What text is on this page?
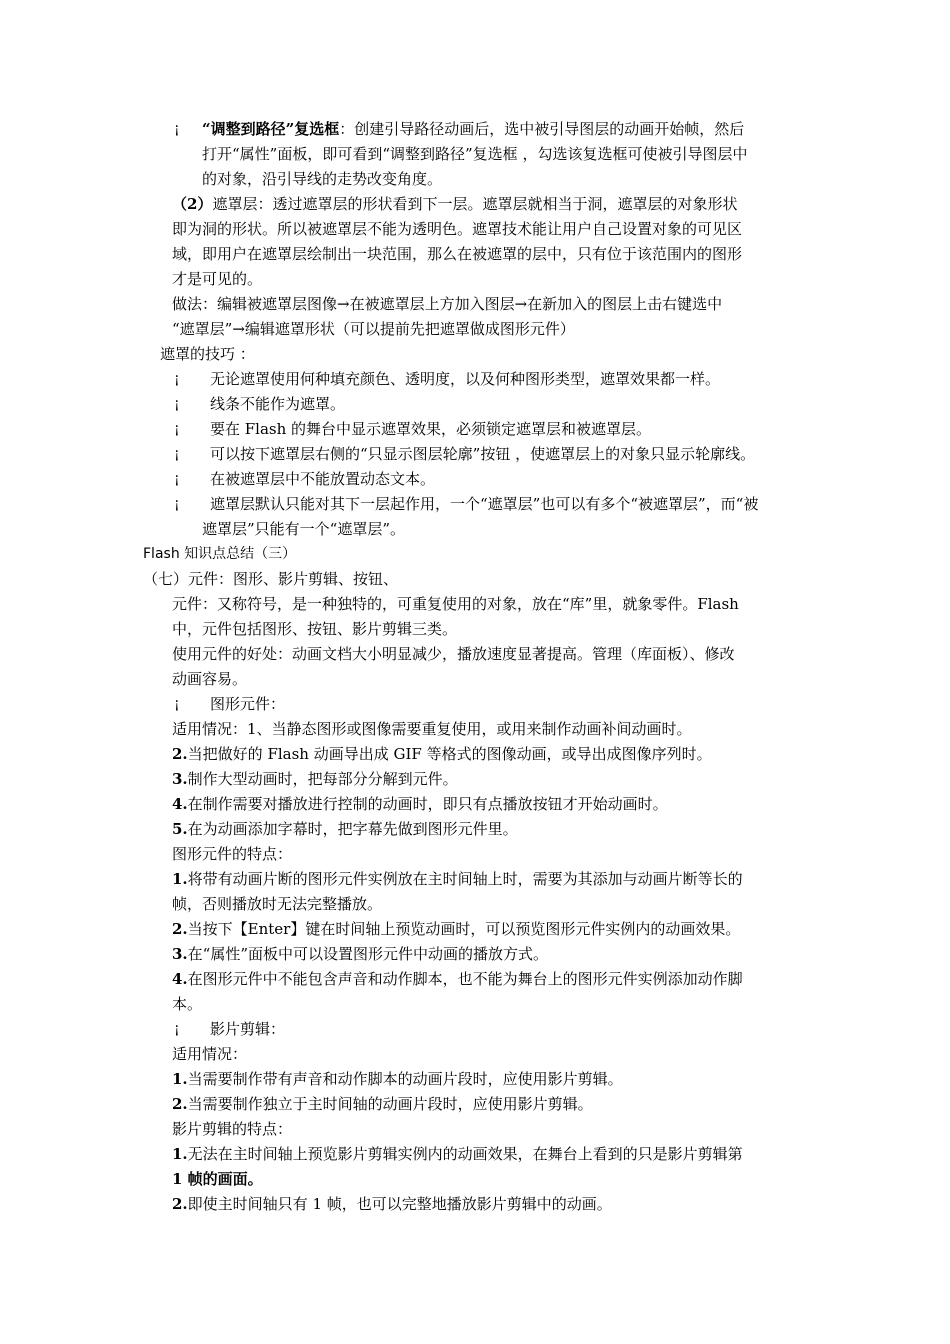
¡ “调整到路径”复选框：创建引导路径动画后，选中被引导图层的动画开始帧，然后
打开“属性”面板，即可看到“调整到路径”复选框 ，勾选该复选框可使被引导图层中
的对象，沿引导线的走势改变角度。
（2）遮罩层：透过遮罩层的形状看到下一层。遮罩层就相当于洞，遮罩层的对象形状
即为洞的形状。所以被遮罩层不能为透明色。遮罩技术能让用户自己设置对象的可见区
域，即用户在遮罩层绘制出一块范围，那么在被遮罩的层中，只有位于该范围内的图形
才是可见的。
做法：编辑被遮罩层图像→在被遮罩层上方加入图层→在新加入的图层上击右键选中
“遮罩层”→编辑遮罩形状（可以提前先把遮罩做成图形元件）
遮罩的技巧 ：
¡ 无论遮罩使用何种填充颜色、透明度，以及何种图形类型，遮罩效果都一样。
¡ 线条不能作为遮罩。
¡ 要在 Flash 的舞台中显示遮罩效果，必须锁定遮罩层和被遮罩层。
¡ 可以按下遮罩层右侧的“只显示图层轮廓”按钮 ，使遮罩层上的对象只显示轮廓线。
¡ 在被遮罩层中不能放置动态文本。
¡ 遮罩层默认只能对其下一层起作用，一个“遮罩层”也可以有多个“被遮罩层”，而“被
遮罩层”只能有一个“遮罩层”。
Flash 知识点总结（三）
（七）元件：图形、影片剪辑、按钮、
元件：又称符号，是一种独特的，可重复使用的对象，放在“库”里，就象零件。Flash
中，元件包括图形、按钮、影片剪辑三类。
使用元件的好处：动画文档大小明显减少，播放速度显著提高。管理（库面板）、修改
动画容易。
¡ 图形元件：
适用情况：1、当静态图形或图像需要重复使用，或用来制作动画补间动画时。
2.当把做好的 Flash 动画导出成 GIF 等格式的图像动画，或导出成图像序列时。
3.制作大型动画时，把每部分分解到元件。
4.在制作需要对播放进行控制的动画时，即只有点播放按钮才开始动画时。
5.在为动画添加字幕时，把字幕先做到图形元件里。
图形元件的特点：
1.将带有动画片断的图形元件实例放在主时间轴上时，需要为其添加与动画片断等长的
帧，否则播放时无法完整播放。
2.当按下【Enter】键在时间轴上预览动画时，可以预览图形元件实例内的动画效果。
3.在“属性”面板中可以设置图形元件中动画的播放方式。
4.在图形元件中不能包含声音和动作脚本，也不能为舞台上的图形元件实例添加动作脚
本。
¡ 影片剪辑：
适用情况：
1.当需要制作带有声音和动作脚本的动画片段时，应使用影片剪辑。
2.当需要制作独立于主时间轴的动画片段时，应使用影片剪辑。
影片剪辑的特点：
1.无法在主时间轴上预览影片剪辑实例内的动画效果，在舞台上看到的只是影片剪辑第
1 帧的画面。
2.即使主时间轴只有 1 帧，也可以完整地播放影片剪辑中的动画。
